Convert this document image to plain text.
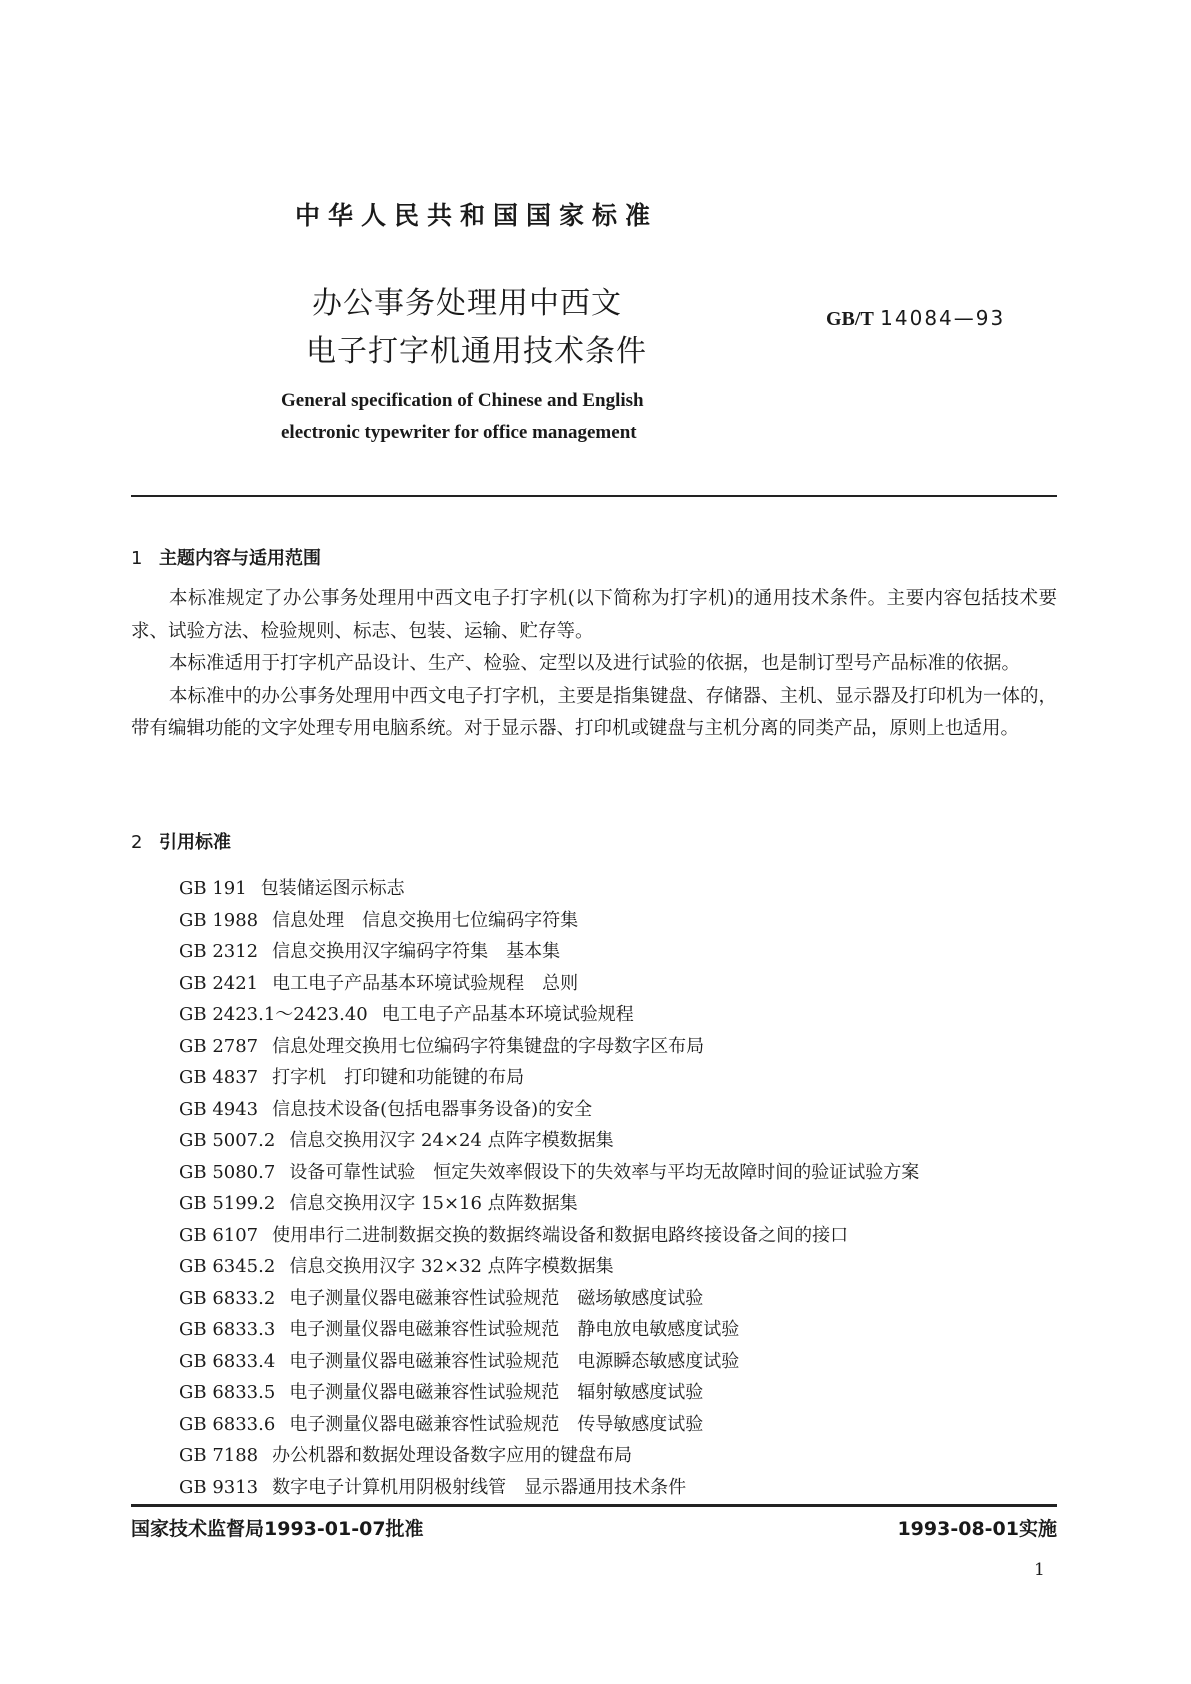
中华人民共和国国家标准
办公事务处理用中西文
电子打字机通用技术条件
GB/T 14084—93
General specification of Chinese and English
electronic typewriter for office management
1 主题内容与适用范围

本标准规定了办公事务处理用中西文电子打字机(以下简称为打字机)的通用技术条件。主要内容包括技术要求、试验方法、检验规则、标志、包装、运输、贮存等。

本标准适用于打字机产品设计、生产、检验、定型以及进行试验的依据，也是制订型号产品标准的依据。

本标准中的办公事务处理用中西文电子打字机，主要是指集键盘、存储器、主机、显示器及打印机为一体的，带有编辑功能的文字处理专用电脑系统。对于显示器、打印机或键盘与主机分离的同类产品，原则上也适用。

2 引用标准
GB 191 包装储运图示标志
GB 1988 信息处理　信息交换用七位编码字符集
GB 2312 信息交换用汉字编码字符集　基本集
GB 2421 电工电子产品基本环境试验规程　总则
GB 2423.1～2423.40 电工电子产品基本环境试验规程
GB 2787 信息处理交换用七位编码字符集键盘的字母数字区布局
GB 4837 打字机　打印键和功能键的布局
GB 4943 信息技术设备(包括电器事务设备)的安全
GB 5007.2 信息交换用汉字 24×24 点阵字模数据集
GB 5080.7 设备可靠性试验　恒定失效率假设下的失效率与平均无故障时间的验证试验方案
GB 5199.2 信息交换用汉字 15×16 点阵数据集
GB 6107 使用串行二进制数据交换的数据终端设备和数据电路终接设备之间的接口
GB 6345.2 信息交换用汉字 32×32 点阵字模数据集
GB 6833.2 电子测量仪器电磁兼容性试验规范　磁场敏感度试验
GB 6833.3 电子测量仪器电磁兼容性试验规范　静电放电敏感度试验
GB 6833.4 电子测量仪器电磁兼容性试验规范　电源瞬态敏感度试验
GB 6833.5 电子测量仪器电磁兼容性试验规范　辐射敏感度试验
GB 6833.6 电子测量仪器电磁兼容性试验规范　传导敏感度试验
GB 7188 办公机器和数据处理设备数字应用的键盘布局
GB 9313 数字电子计算机用阴极射线管　显示器通用技术条件
国家技术监督局1993-01-07批准	1993-08-01实施
1
